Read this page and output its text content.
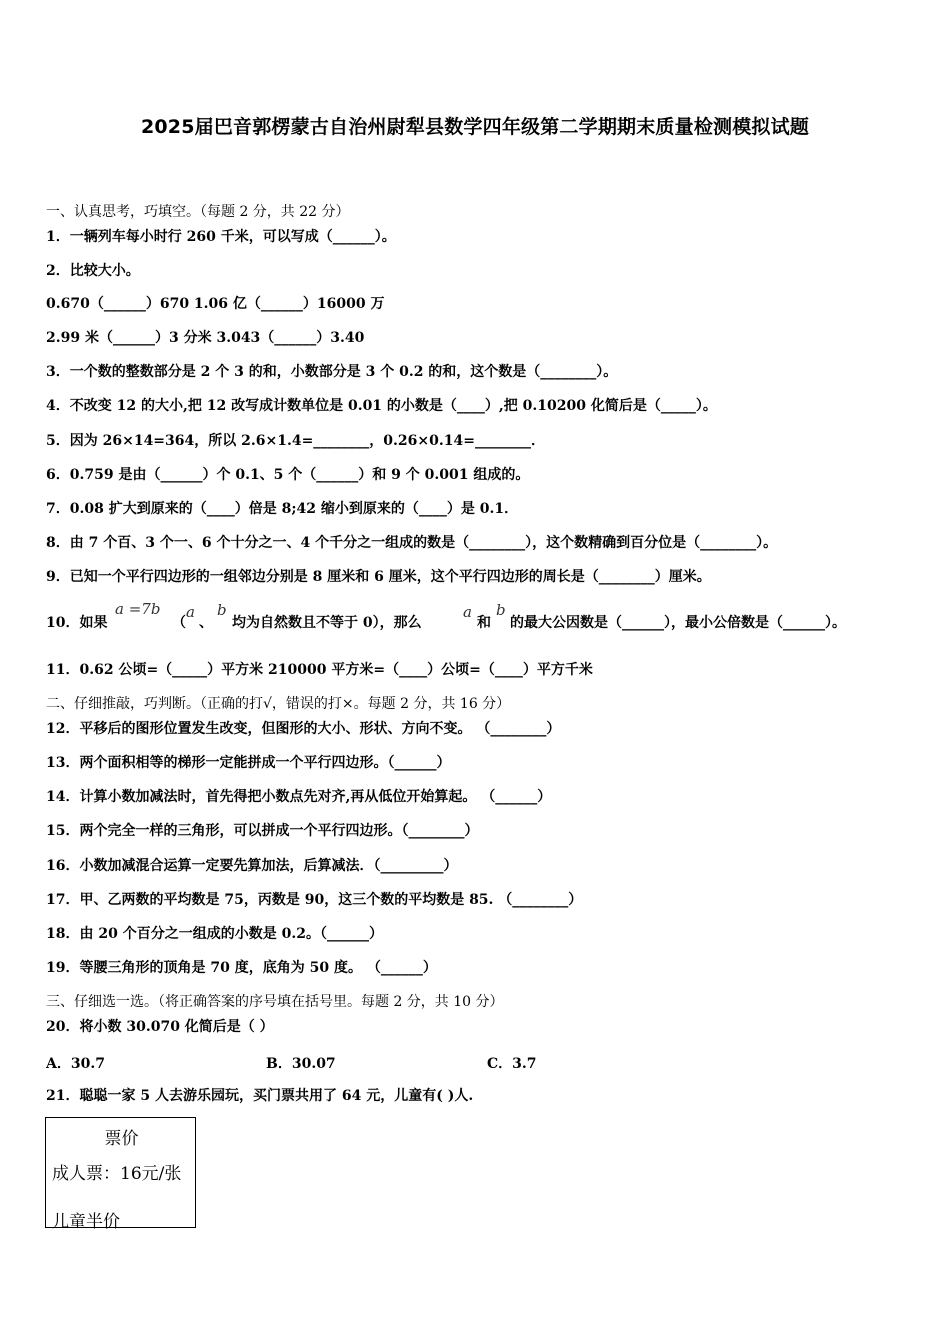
2025届巴音郭楞蒙古自治州尉犁县数学四年级第二学期期末质量检测模拟试题
一、认真思考，巧填空。（每题 2 分，共 22 分）
1．一辆列车每小时行 260 千米，可以写成（______）。
2．比较大小。
0.670（______）670 1.06 亿（______）16000 万
2.99 米（______）3 分米 3.043（______）3.40
3．一个数的整数部分是 2 个 3 的和，小数部分是 3 个 0.2 的和，这个数是（________）。
4．不改变 12 的大小,把 12 改写成计数单位是 0.01 的小数是（____）,把 0.10200 化简后是（_____）。
5．因为 26×14=364，所以 2.6×1.4=________，0.26×0.14=________．
6．0.759 是由（______）个 0.1、5 个（______）和 9 个 0.001 组成的。
7．0.08 扩大到原来的（____）倍是 8;42 缩小到原来的（____）是 0.1．
8．由 7 个百、3 个一、6 个十分之一、4 个千分之一组成的数是（________），这个数精确到百分位是（________）。
9．已知一个平行四边形的一组邻边分别是 8 厘米和 6 厘米，这个平行四边形的周长是（________）厘米。
10．如果
a =7b
（
a
、
b
均为自然数且不等于 0），那么
a
和
b
的最大公因数是（______），最小公倍数是（______）。
11．0.62 公顷=（_____）平方米 210000 平方米=（____）公顷=（____）平方千米
二、仔细推敲，巧判断。（正确的打√，错误的打×。每题 2 分，共 16 分）
12．平移后的图形位置发生改变，但图形的大小、形状、方向不变。 （________）
13．两个面积相等的梯形一定能拼成一个平行四边形。（______）
14．计算小数加减法时，首先得把小数点先对齐,再从低位开始算起。 （______）
15．两个完全一样的三角形，可以拼成一个平行四边形。（________）
16．小数加减混合运算一定要先算加法，后算减法．（_________）
17．甲、乙两数的平均数是 75，丙数是 90，这三个数的平均数是 85. （________）
18．由 20 个百分之一组成的小数是 0.2。（______）
19．等腰三角形的顶角是 70 度，底角为 50 度。 （______）
三、仔细选一选。（将正确答案的序号填在括号里。每题 2 分，共 10 分）
20．将小数 30.070 化简后是（ ）
A．30.7	B．30.07	C．3.7
21．聪聪一家 5 人去游乐园玩，买门票共用了 64 元，儿童有( )人.
票价
成人票：16元/张
儿童半价
